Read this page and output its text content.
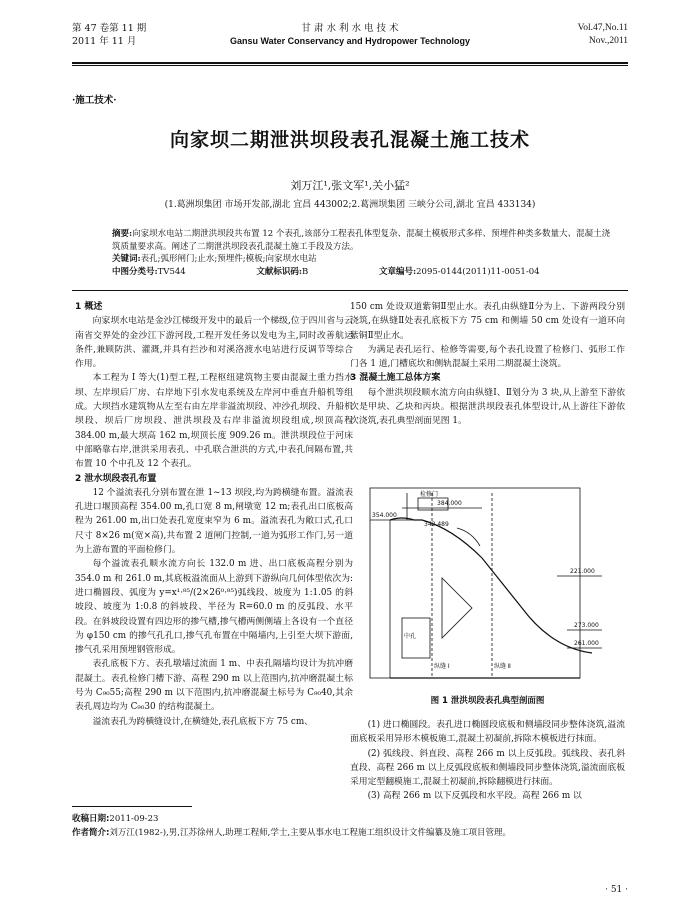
第 47 卷第 11 期
2011 年 11 月
甘 肃 水 利 水 电 技 术
Gansu Water Conservancy and Hydropower Technology
Vol.47,No.11
Nov.,2011
·施工技术·
向家坝二期泄洪坝段表孔混凝土施工技术
刘万江¹,张文军¹,关小猛²
(1.葛洲坝集团 市场开发部,湖北 宜昌 443002;2.葛洲坝集团 三峡分公司,湖北 宜昌 433134)
摘要:向家坝水电站二期泄洪坝段共布置 12 个表孔,该部分工程表孔体型复杂、混凝土模板形式多样、预埋件种类多数量大、混凝土浇筑质量要求高。阐述了二期泄洪坝段表孔混凝土施工手段及方法。
关键词:表孔;弧形闸门;止水;预埋件;模板;向家坝水电站
中图分类号:TV544	文献标识码:B	文章编号:2095-0144(2011)11-0051-04
1 概述

向家坝水电站是金沙江梯级开发中的最后一个梯级,位于四川省与云南省交界处的金沙江下游河段,工程开发任务以发电为主,同时改善航运条件,兼顾防洪、灌溉,并具有拦沙和对溪洛渡水电站进行反调节等综合作用。

本工程为 I 等大(1)型工程,工程枢纽建筑物主要由混凝土重力挡水坝、左岸坝后厂房、右岸地下引水发电系统及左岸河中垂直升船机等组成。大坝挡水建筑物从左至右由左岸非溢流坝段、冲沙孔坝段、升船机坝段、坝后厂房坝段、泄洪坝段及右岸非溢流坝段组成,坝顶高程 384.00 m,最大坝高 162 m,坝顶长度 909.26 m。泄洪坝段位于河床中部略靠右岸,泄洪采用表孔、中孔联合泄洪的方式,中表孔间隔布置,共布置 10 个中孔及 12 个表孔。

2 泄水坝段表孔布置

12 个溢流表孔分别布置在泄 1~13 坝段,均为跨横缝布置。溢流表孔进口堰顶高程 354.00 m,孔口宽 8 m,闸墩宽 12 m;表孔出口底板高程为 261.00 m,出口处表孔宽度束窄为 6 m。溢流表孔为敞口式,孔口尺寸 8×26 m(宽×高),共布置 2 道闸门控制,一道为弧形工作门,另一道为上游布置的平面检修门。

每个溢流表孔顺水流方向长 132.0 m 进、出口底板高程分别为 354.0 m 和 261.0 m,其底板溢流面从上游到下游纵向几何体型依次为:进口椭圆段、弧度为 y=x¹·⁸⁵/(2×26⁰·⁸⁵)弧线段、坡度为 1:1.05 的斜坡段、坡度为 1:0.8 的斜坡段、半径为 R=60.0 m 的反弧段、水平段。在斜坡段设置有四边形的掺气槽,掺气槽两侧侧墙上各设有一个直径为 φ150 cm 的掺气孔孔口,掺气孔布置在中隔墙内,上引至大坝下游面,掺气孔采用预埋钢管形成。

表孔底板下方、表孔墩墙过流面 1 m、中表孔隔墙均设计为抗冲磨混凝土。表孔检修门槽下游、高程 290 m 以上范围内,抗冲磨混凝土标号为 C₉₀55;高程 290 m 以下范围内,抗冲磨混凝土标号为 C₉₀40,其余表孔周边均为 C₉₀30 的结构混凝土。

溢流表孔为跨横缝设计,在横缝处,表孔底板下方 75 cm、

150 cm 处设双道紫铜Ⅱ型止水。表孔由纵缝Ⅱ分为上、下游两段分别浇筑,在纵缝Ⅱ处表孔底板下方 75 cm 和侧墙 50 cm 处设有一道环向紫铜Ⅱ型止水。

为满足表孔运行、检修等需要,每个表孔设置了检修门、弧形工作门各 1 道,门槽底坎和侧轨混凝土采用二期混凝土浇筑。

3 混凝土施工总体方案

每个泄洪坝段顺水流方向由纵缝Ⅰ、Ⅱ划分为 3 块,从上游至下游依次是甲块、乙块和丙块。根据泄洪坝段表孔体型设计,从上游往下游依次浇筑,表孔典型剖面见图 1。

354.000
384.000
342.489
检修门
中孔
纵缝 Ⅰ	纵缝 Ⅱ
221.000
273.000
261.000
图 1 泄洪坝段表孔典型剖面图

(1) 进口椭圆段。表孔进口椭圆段底板和侧墙段同步整体浇筑,溢流面底板采用异形木模板施工,混凝土初凝前,拆除木模板进行抹面。

(2) 弧线段、斜直段、高程 266 m 以上反弧段。弧线段、表孔斜直段、高程 266 m 以上反弧段底板和侧墙段同步整体浇筑,溢流面底板采用定型翻模施工,混凝土初凝前,拆除翻模进行抹面。

(3) 高程 266 m 以下反弧段和水平段。高程 266 m 以

收稿日期:2011-09-23
作者简介:刘万江(1982-),男,江苏徐州人,助理工程师,学士,主要从事水电工程施工组织设计文件编纂及施工项目管理。
· 51 ·
